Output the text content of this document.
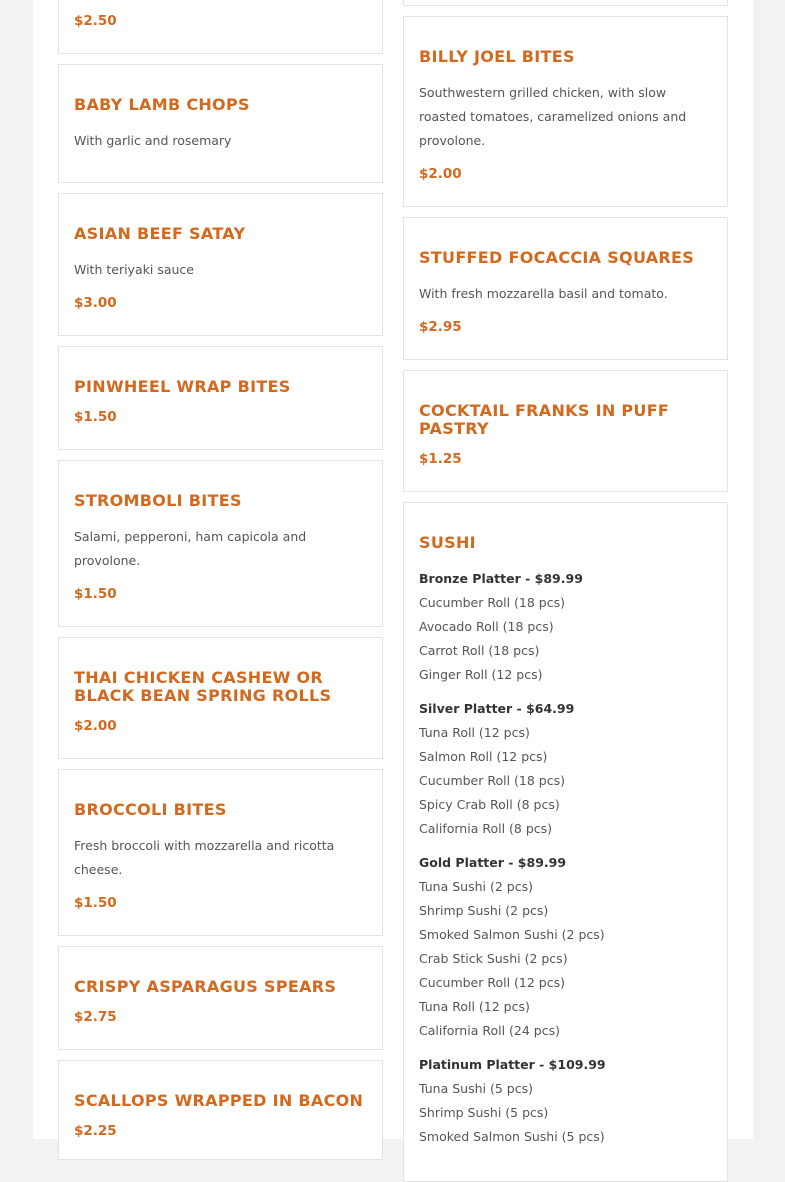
$2.50
BABY LAMB CHOPS

With garlic and rosemary

ASIAN BEEF SATAY

With teriyaki sauce

$3.00
PINWHEEL WRAP BITES
$1.50
STROMBOLI BITES

Salami, pepperoni, ham capicola and provolone.

$1.50
THAI CHICKEN CASHEW OR BLACK BEAN SPRING ROLLS
$2.00
BROCCOLI BITES

Fresh broccoli with mozzarella and ricotta cheese.

$1.50
CRISPY ASPARAGUS SPEARS
$2.75
SCALLOPS WRAPPED IN BACON
$2.25
BILLY JOEL BITES

Southwestern grilled chicken, with slow roasted tomatoes, caramelized onions and provolone.

$2.00
STUFFED FOCACCIA SQUARES

With fresh mozzarella basil and tomato.

$2.95
COCKTAIL FRANKS IN PUFF PASTRY
$1.25
SUSHI
Bronze Platter - $89.99
Cucumber Roll (18 pcs)
Avocado Roll (18 pcs)
Carrot Roll (18 pcs)
Ginger Roll (12 pcs)
Silver Platter - $64.99
Tuna Roll (12 pcs)
Salmon Roll (12 pcs)
Cucumber Roll (18 pcs)
Spicy Crab Roll (8 pcs)
California Roll (8 pcs)
Gold Platter - $89.99
Tuna Sushi (2 pcs)
Shrimp Sushi (2 pcs)
Smoked Salmon Sushi (2 pcs)
Crab Stick Sushi (2 pcs)
Cucumber Roll (12 pcs)
Tuna Roll (12 pcs)
California Roll (24 pcs)
Platinum Platter - $109.99
Tuna Sushi (5 pcs)
Shrimp Sushi (5 pcs)
Smoked Salmon Sushi (5 pcs)
